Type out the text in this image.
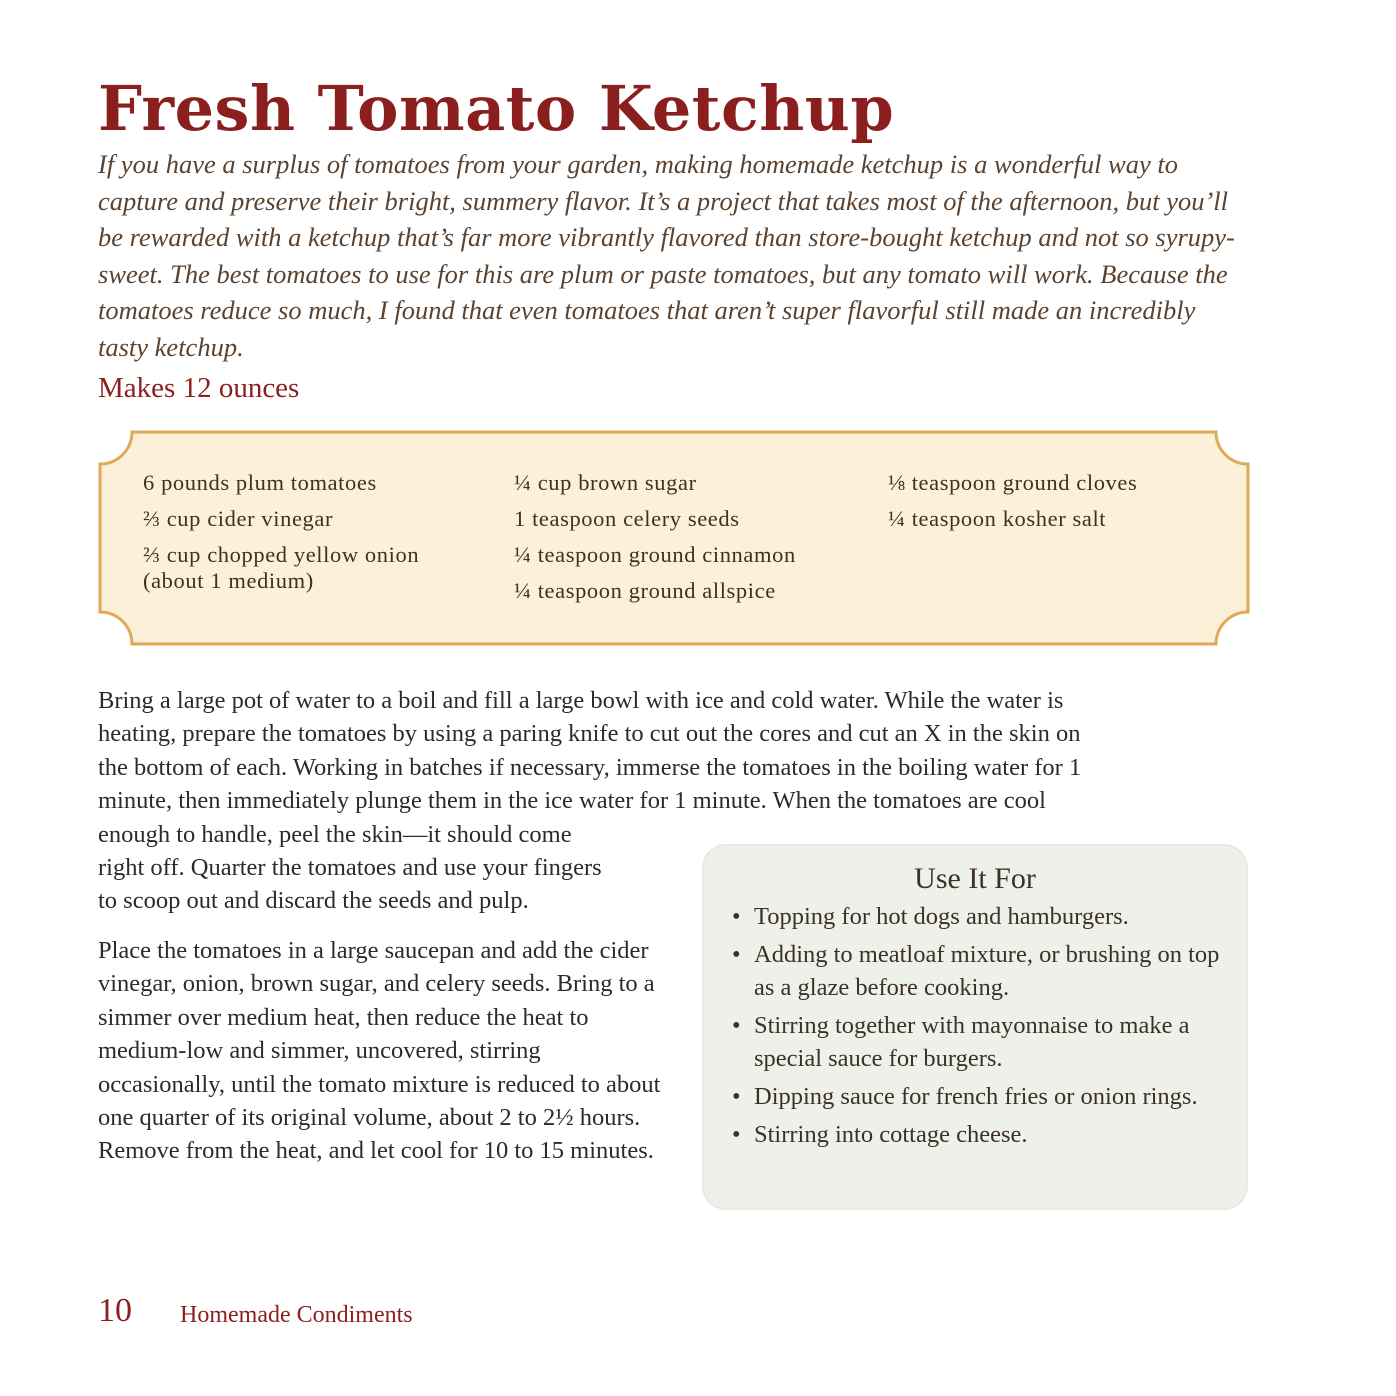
Fresh Tomato Ketchup
If you have a surplus of tomatoes from your garden, making homemade ketchup is a wonderful way to capture and preserve their bright, summery flavor. It’s a project that takes most of the afternoon, but you’ll be rewarded with a ketchup that’s far more vibrantly flavored than store-bought ketchup and not so syrupy-sweet. The best tomatoes to use for this are plum or paste tomatoes, but any tomato will work. Because the tomatoes reduce so much, I found that even tomatoes that aren’t super flavorful still made an incredibly tasty ketchup.
Makes 12 ounces
6 pounds plum tomatoes
⅔ cup cider vinegar
⅔ cup chopped yellow onion (about 1 medium)
¼ cup brown sugar
1 teaspoon celery seeds
¼ teaspoon ground cinnamon
¼ teaspoon ground allspice
⅛ teaspoon ground cloves
¼ teaspoon kosher salt
Bring a large pot of water to a boil and fill a large bowl with ice and cold water. While the water is
heating, prepare the tomatoes by using a paring knife to cut out the cores and cut an X in the skin on
the bottom of each. Working in batches if necessary, immerse the tomatoes in the boiling water for 1
minute, then immediately plunge them in the ice water for 1 minute. When the tomatoes are cool
enough to handle, peel the skin—it should come
right off. Quarter the tomatoes and use your fingers
to scoop out and discard the seeds and pulp.
Place the tomatoes in a large saucepan and add the cider vinegar, onion, brown sugar, and celery seeds. Bring to a simmer over medium heat, then reduce the heat to medium-low and simmer, uncovered, stirring occasionally, until the tomato mixture is reduced to about one quarter of its original volume, about 2 to 2½ hours. Remove from the heat, and let cool for 10 to 15 minutes.
Use It For
• Topping for hot dogs and hamburgers.
• Adding to meatloaf mixture, or brushing on top as a glaze before cooking.
• Stirring together with mayonnaise to make a special sauce for burgers.
• Dipping sauce for french fries or onion rings.
• Stirring into cottage cheese.
10 Homemade Condiments
